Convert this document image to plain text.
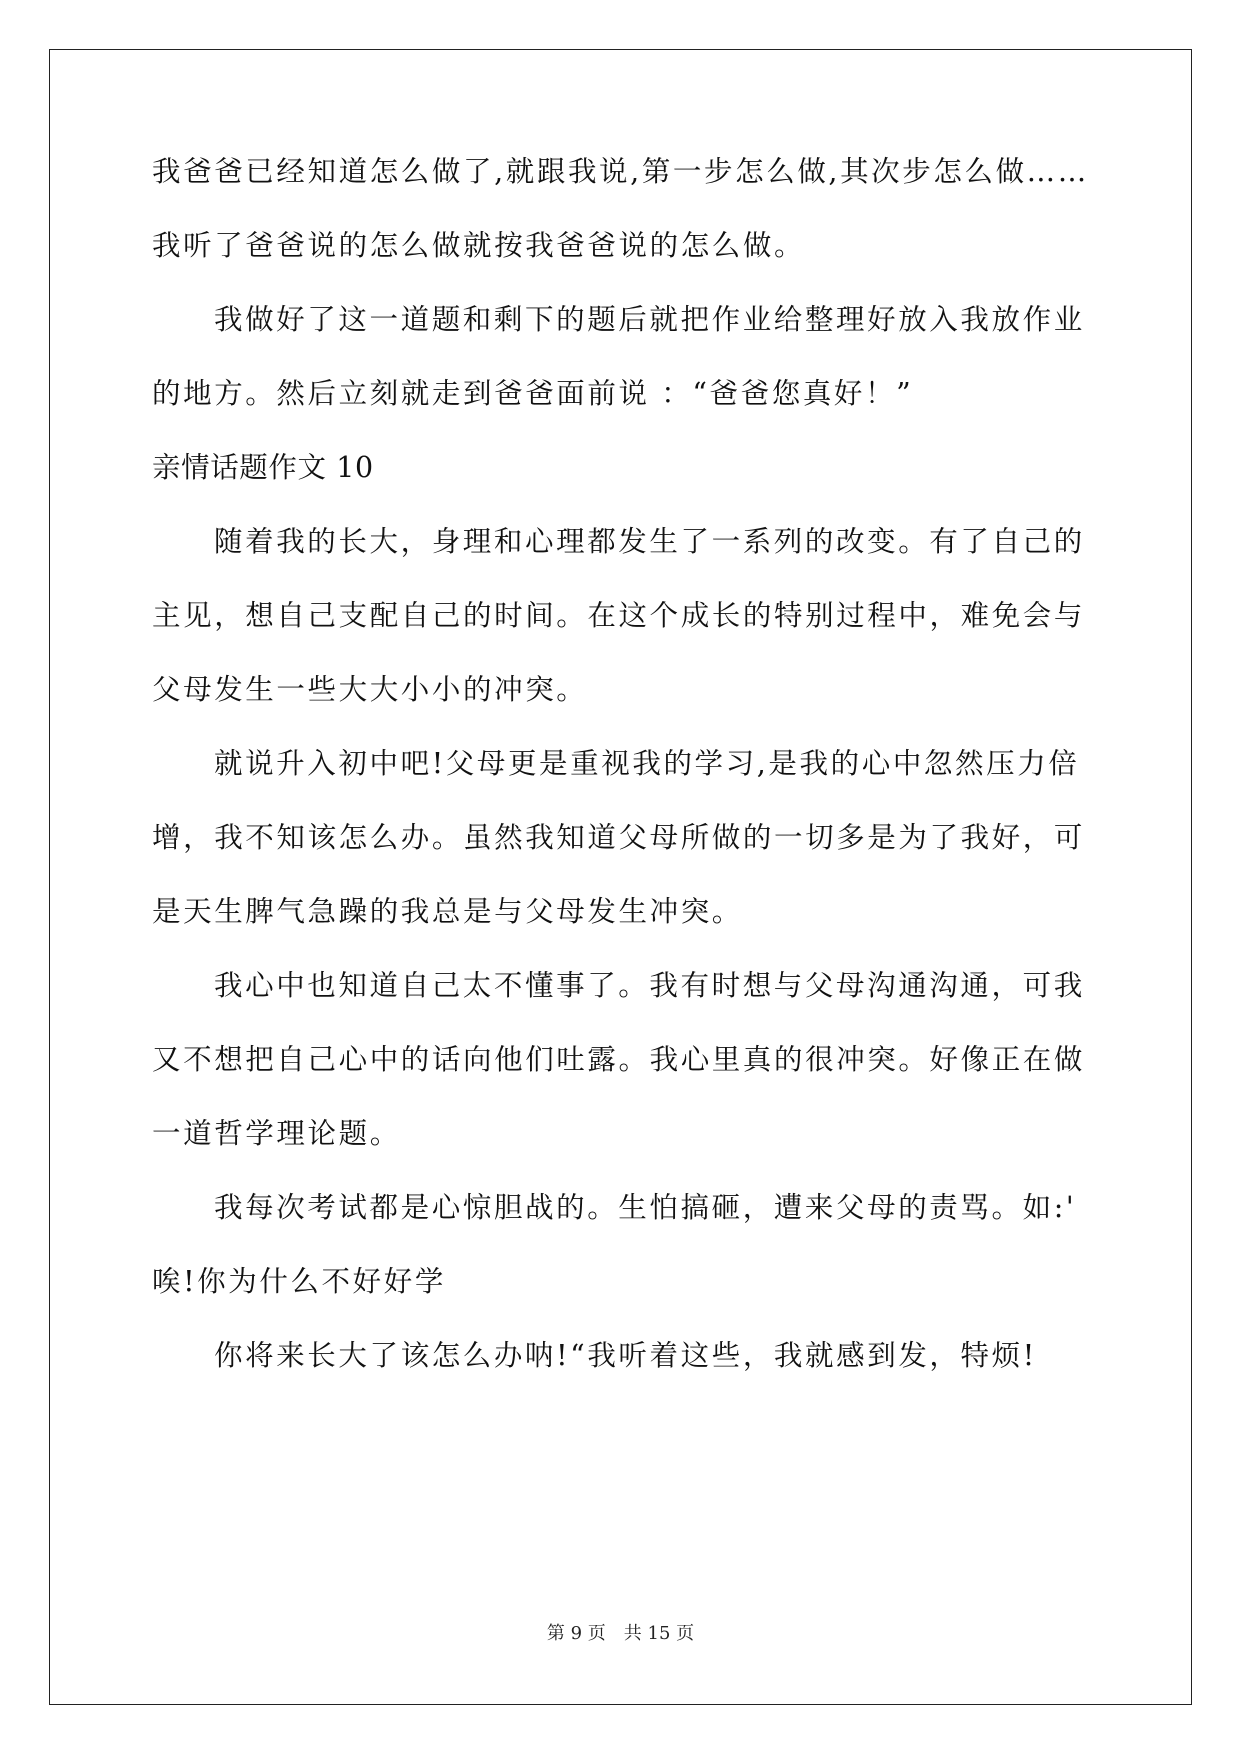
我爸爸已经知道怎么做了,就跟我说,第一步怎么做,其次步怎么做……
我听了爸爸说的怎么做就按我爸爸说的怎么做。
我做好了这一道题和剩下的题后就把作业给整理好放入我放作业
的地方。然后立刻就走到爸爸面前说 ：“爸爸您真好！”
亲情话题作文 10
随着我的长大，身理和心理都发生了一系列的改变。有了自己的
主见，想自己支配自己的时间。在这个成长的特别过程中，难免会与
父母发生一些大大小小的冲突。
就说升入初中吧!父母更是重视我的学习,是我的心中忽然压力倍
增，我不知该怎么办。虽然我知道父母所做的一切多是为了我好，可
是天生脾气急躁的我总是与父母发生冲突。
我心中也知道自己太不懂事了。我有时想与父母沟通沟通，可我
又不想把自己心中的话向他们吐露。我心里真的很冲突。好像正在做
一道哲学理论题。
我每次考试都是心惊胆战的。生怕搞砸，遭来父母的责骂。如:'
唉!你为什么不好好学
你将来长大了该怎么办呐!“我听着这些，我就感到发，特烦!
第 9 页　共 15 页
